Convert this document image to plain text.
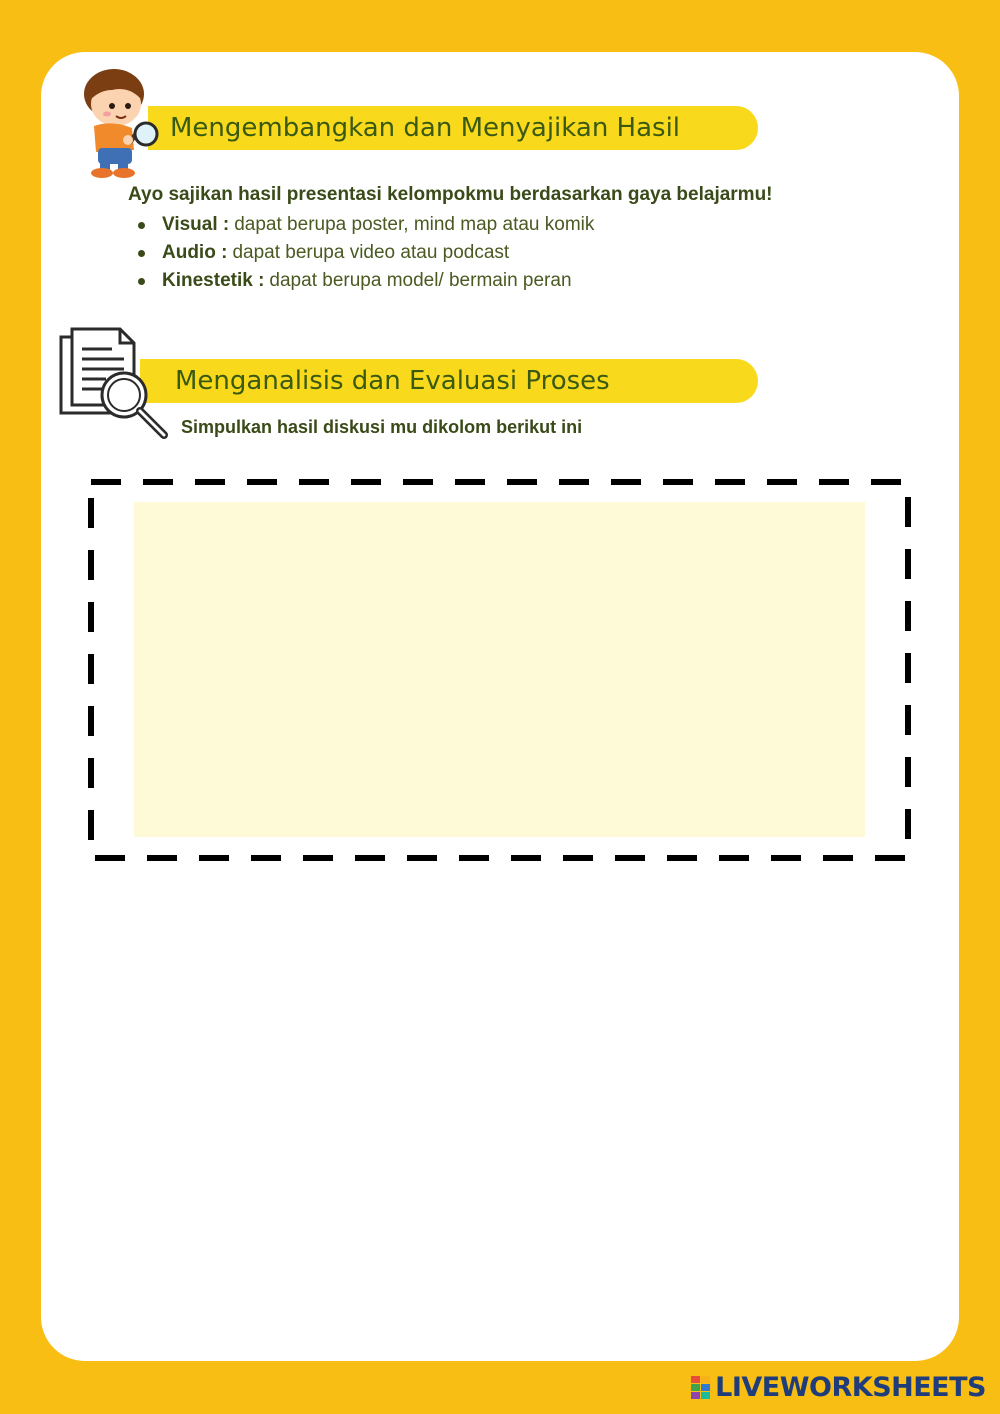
Mengembangkan dan Menyajikan Hasil
Ayo sajikan hasil presentasi kelompokmu berdasarkan gaya belajarmu!
Visual : dapat berupa poster, mind map atau komik
Audio : dapat berupa video atau podcast
Kinestetik : dapat berupa model/ bermain peran
Menganalisis dan Evaluasi Proses
Simpulkan hasil diskusi mu dikolom berikut ini
LIVEWORKSHEETS
